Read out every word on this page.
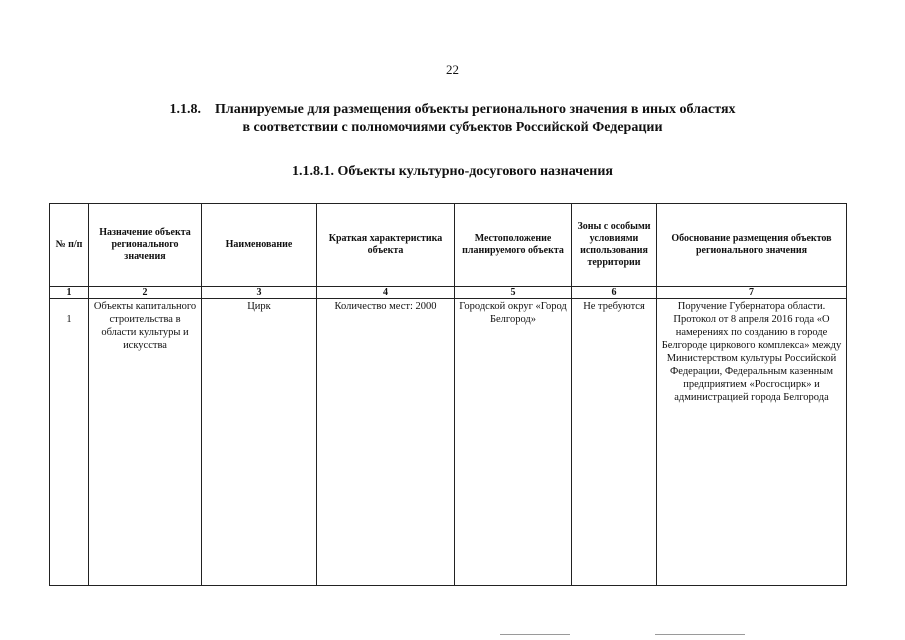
22
1.1.8. Планируемые для размещения объекты регионального значения в иных областях
в соответствии с полномочиями субъектов Российской Федерации
1.1.8.1. Объекты культурно-досугового назначения
№ п/п	Назначение объекта регионального значения	Наименование	Краткая характеристика объекта	Местоположение планируемого объекта	Зоны с особыми условиями использования территории	Обоснование размещения объектов регионального значения
1	2	3	4	5	6	7
1	Объекты капитального строительства в области культуры и искусства	Цирк	Количество мест: 2000	Городской округ «Город Белгород»	Не требуются	Поручение Губернатора области. Протокол от 8 апреля 2016 года «О намерениях по созданию в городе Белгороде циркового комплекса» между Министерством культуры Российской Федерации, Федеральным казенным предприятием «Росгосцирк» и администрацией города Белгорода
